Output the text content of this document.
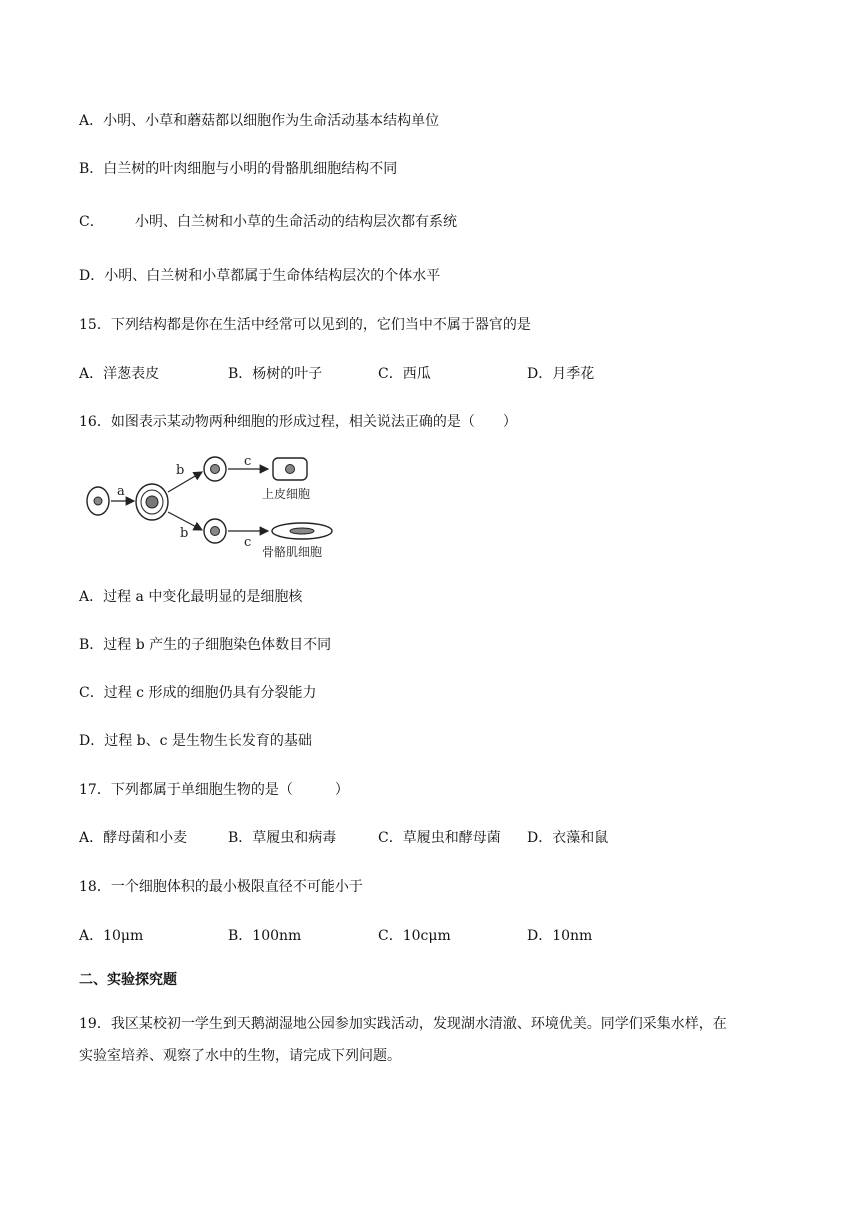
A．小明、小草和蘑菇都以细胞作为生命活动基本结构单位
B．白兰树的叶肉细胞与小明的骨骼肌细胞结构不同
C． 小明、白兰树和小草的生命活动的结构层次都有系统
D．小明、白兰树和小草都属于生命体结构层次的个体水平
15．下列结构都是你在生活中经常可以见到的，它们当中不属于器官的是
A．洋葱表皮	B．杨树的叶子	C．西瓜	D．月季花
16．如图表示某动物两种细胞的形成过程，相关说法正确的是（　　）
a
b
b
c
c
上皮细胞
骨骼肌细胞
A．过程 a 中变化最明显的是细胞核
B．过程 b 产生的子细胞染色体数目不同
C．过程 c 形成的细胞仍具有分裂能力
D．过程 b、c 是生物生长发育的基础
17．下列都属于单细胞生物的是（　　　）
A．酵母菌和小麦	B．草履虫和病毒	C．草履虫和酵母菌 D．衣藻和鼠
18．一个细胞体积的最小极限直径不可能小于
A．10μm	B．100nm	C．10cμm	D．10nm
二、实验探究题
19．我区某校初一学生到天鹅湖湿地公园参加实践活动，发现湖水清澈、环境优美。同学们采集水样，在
实验室培养、观察了水中的生物，请完成下列问题。
